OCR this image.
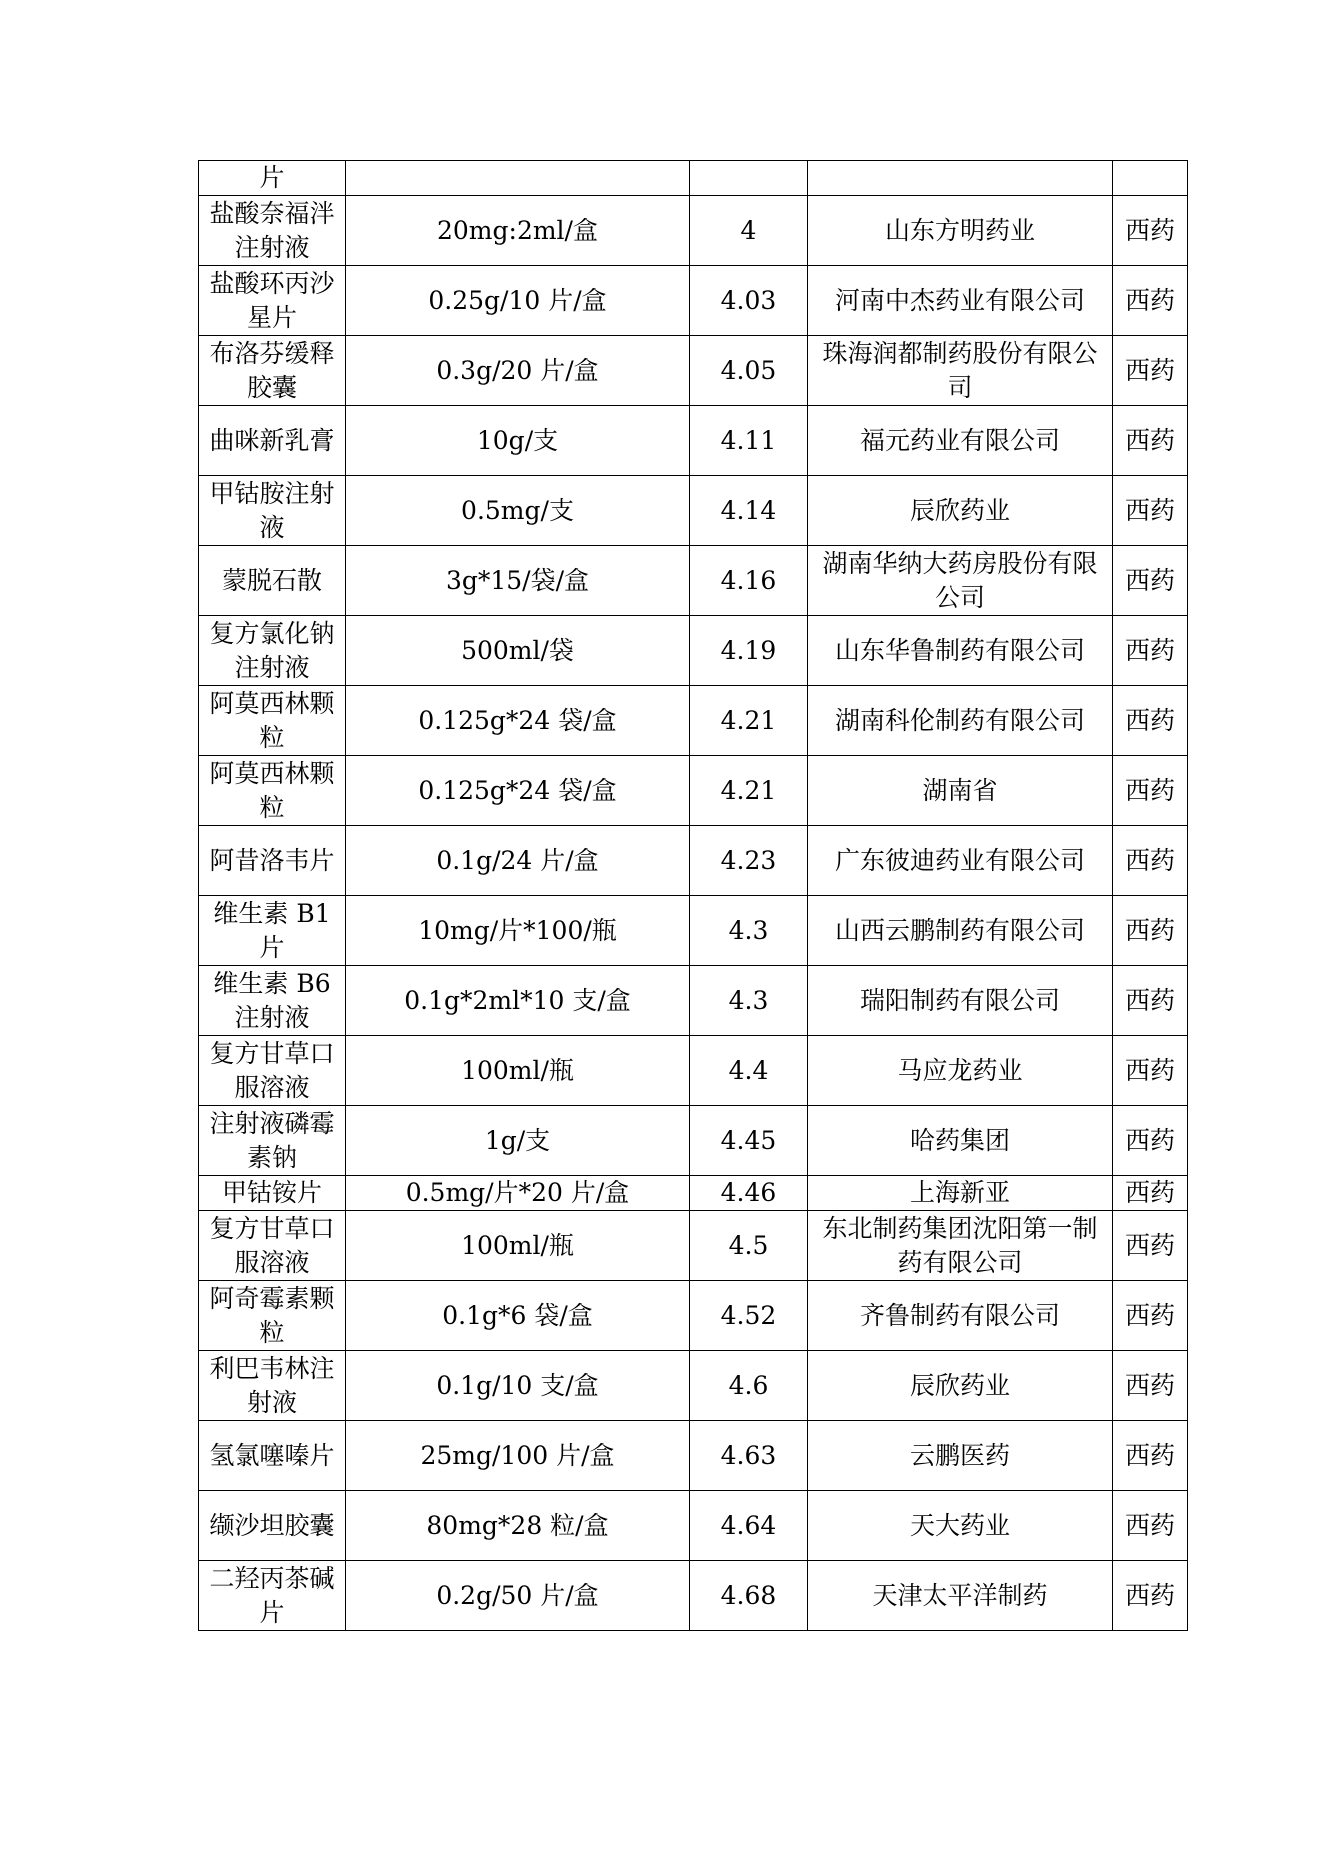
片				
盐酸奈福泮注射液	20mg:2ml/盒	4	山东方明药业	西药
盐酸环丙沙星片	0.25g/10 片/盒	4.03	河南中杰药业有限公司	西药
布洛芬缓释胶囊	0.3g/20 片/盒	4.05	珠海润都制药股份有限公司	西药
曲咪新乳膏	10g/支	4.11	福元药业有限公司	西药
甲钴胺注射液	0.5mg/支	4.14	辰欣药业	西药
蒙脱石散	3g*15/袋/盒	4.16	湖南华纳大药房股份有限公司	西药
复方氯化钠注射液	500ml/袋	4.19	山东华鲁制药有限公司	西药
阿莫西林颗粒	0.125g*24 袋/盒	4.21	湖南科伦制药有限公司	西药
阿莫西林颗粒	0.125g*24 袋/盒	4.21	湖南省	西药
阿昔洛韦片	0.1g/24 片/盒	4.23	广东彼迪药业有限公司	西药
维生素 B1 片	10mg/片*100/瓶	4.3	山西云鹏制药有限公司	西药
维生素 B6 注射液	0.1g*2ml*10 支/盒	4.3	瑞阳制药有限公司	西药
复方甘草口服溶液	100ml/瓶	4.4	马应龙药业	西药
注射液磷霉素钠	1g/支	4.45	哈药集团	西药
甲钴铵片	0.5mg/片*20 片/盒	4.46	上海新亚	西药
复方甘草口服溶液	100ml/瓶	4.5	东北制药集团沈阳第一制药有限公司	西药
阿奇霉素颗粒	0.1g*6 袋/盒	4.52	齐鲁制药有限公司	西药
利巴韦林注射液	0.1g/10 支/盒	4.6	辰欣药业	西药
氢氯噻嗪片	25mg/100 片/盒	4.63	云鹏医药	西药
缬沙坦胶囊	80mg*28 粒/盒	4.64	天大药业	西药
二羟丙茶碱片	0.2g/50 片/盒	4.68	天津太平洋制药	西药
